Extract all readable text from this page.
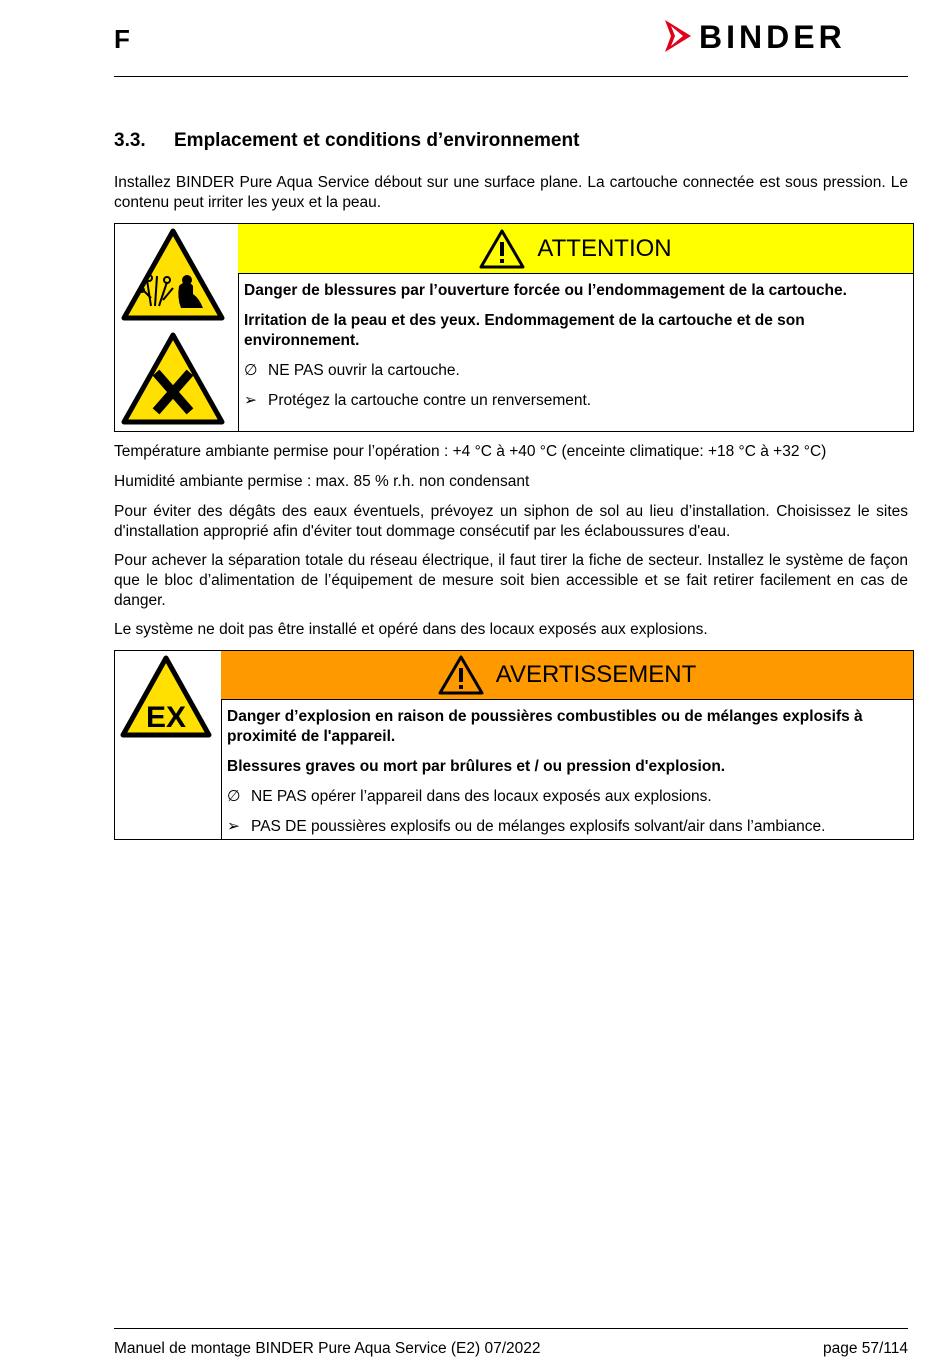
F	BINDER
3.3. Emplacement et conditions d’environnement
Installez BINDER Pure Aqua Service débout sur une surface plane. La cartouche connectée est sous pression. Le contenu peut irriter les yeux et la peau.
ATTENTION
Danger de blessures par l’ouverture forcée ou l’endommagement de la cartouche.
Irritation de la peau et des yeux. Endommagement de la cartouche et de son environnement.
∅ NE PAS ouvrir la cartouche.
➢ Protégez la cartouche contre un renversement.
Température ambiante permise pour l’opération : +4 °C à +40 °C (enceinte climatique: +18 °C à +32 °C)
Humidité ambiante permise : max. 85 % r.h. non condensant
Pour éviter des dégâts des eaux éventuels, prévoyez un siphon de sol au lieu d’installation. Choisissez le sites d'installation approprié afin d'éviter tout dommage consécutif par les éclaboussures d'eau.
Pour achever la séparation totale du réseau électrique, il faut tirer la fiche de secteur. Installez le système de façon que le bloc d’alimentation de l’équipement de mesure soit bien accessible et se fait retirer facilement en cas de danger.
Le système ne doit pas être installé et opéré dans des locaux exposés aux explosions.
EX
AVERTISSEMENT
Danger d’explosion en raison de poussières combustibles ou de mélanges explosifs à proximité de l'appareil.
Blessures graves ou mort par brûlures et / ou pression d'explosion.
∅ NE PAS opérer l’appareil dans des locaux exposés aux explosions.
➢ PAS DE poussières explosifs ou de mélanges explosifs solvant/air dans l’ambiance.
Manuel de montage BINDER Pure Aqua Service (E2) 07/2022	page 57/114
